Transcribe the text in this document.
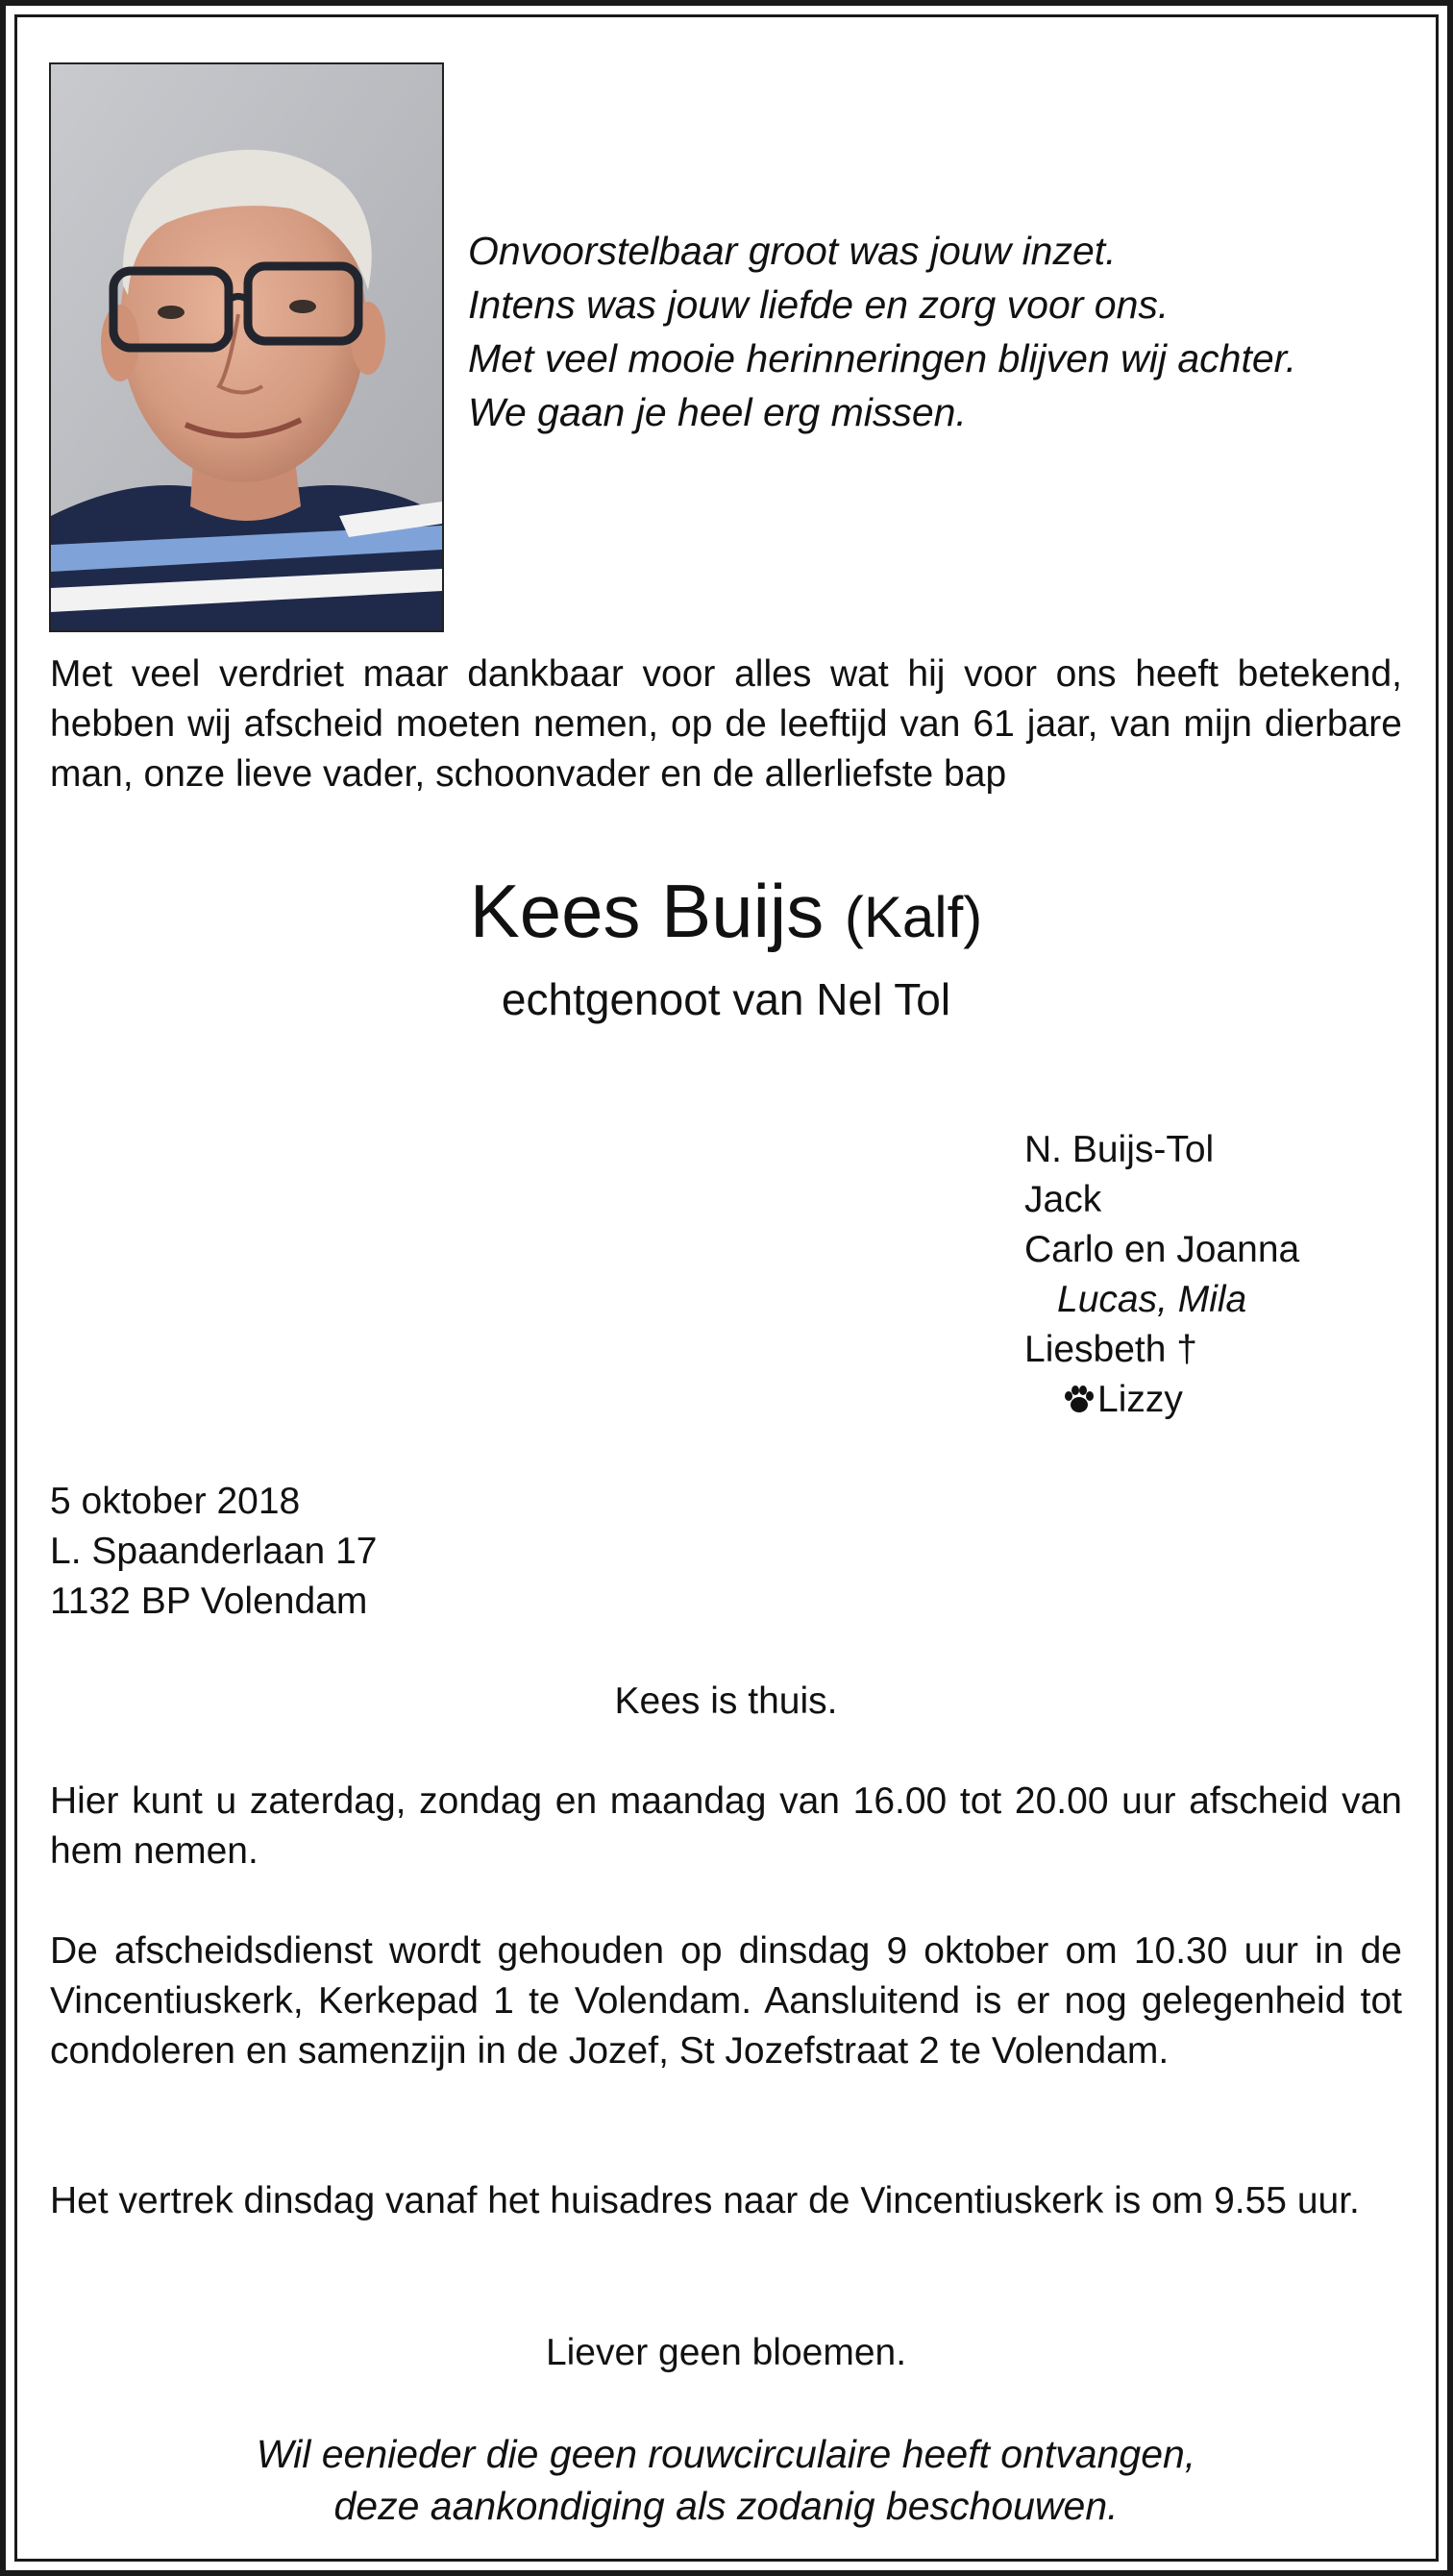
Onvoorstelbaar groot was jouw inzet.
Intens was jouw liefde en zorg voor ons.
Met veel mooie herinneringen blijven wij achter.
We gaan je heel erg missen.
Met veel verdriet maar dankbaar voor alles wat hij voor ons heeft betekend, hebben wij afscheid moeten nemen, op de leeftijd van 61 jaar, van mijn dierbare man, onze lieve vader, schoonvader en de allerliefste bap
Kees Buijs (Kalf)
echtgenoot van Nel Tol
N. Buijs-Tol
Jack
Carlo en Joanna
Lucas, Mila
Liesbeth †
Lizzy
5 oktober 2018
L. Spaanderlaan 17
1132 BP Volendam
Kees is thuis.
Hier kunt u zaterdag, zondag en maandag van 16.00 tot 20.00 uur afscheid van hem nemen.
De afscheidsdienst wordt gehouden op dinsdag 9 oktober om 10.30 uur in de Vincentiuskerk, Kerkepad 1 te Volendam. Aansluitend is er nog gelegenheid tot condoleren en samenzijn in de Jozef, St Jozefstraat 2 te Volendam.
Het vertrek dinsdag vanaf het huisadres naar de Vincentiuskerk is om 9.55 uur.
Liever geen bloemen.
Wil eenieder die geen rouwcirculaire heeft ontvangen,
deze aankondiging als zodanig beschouwen.
